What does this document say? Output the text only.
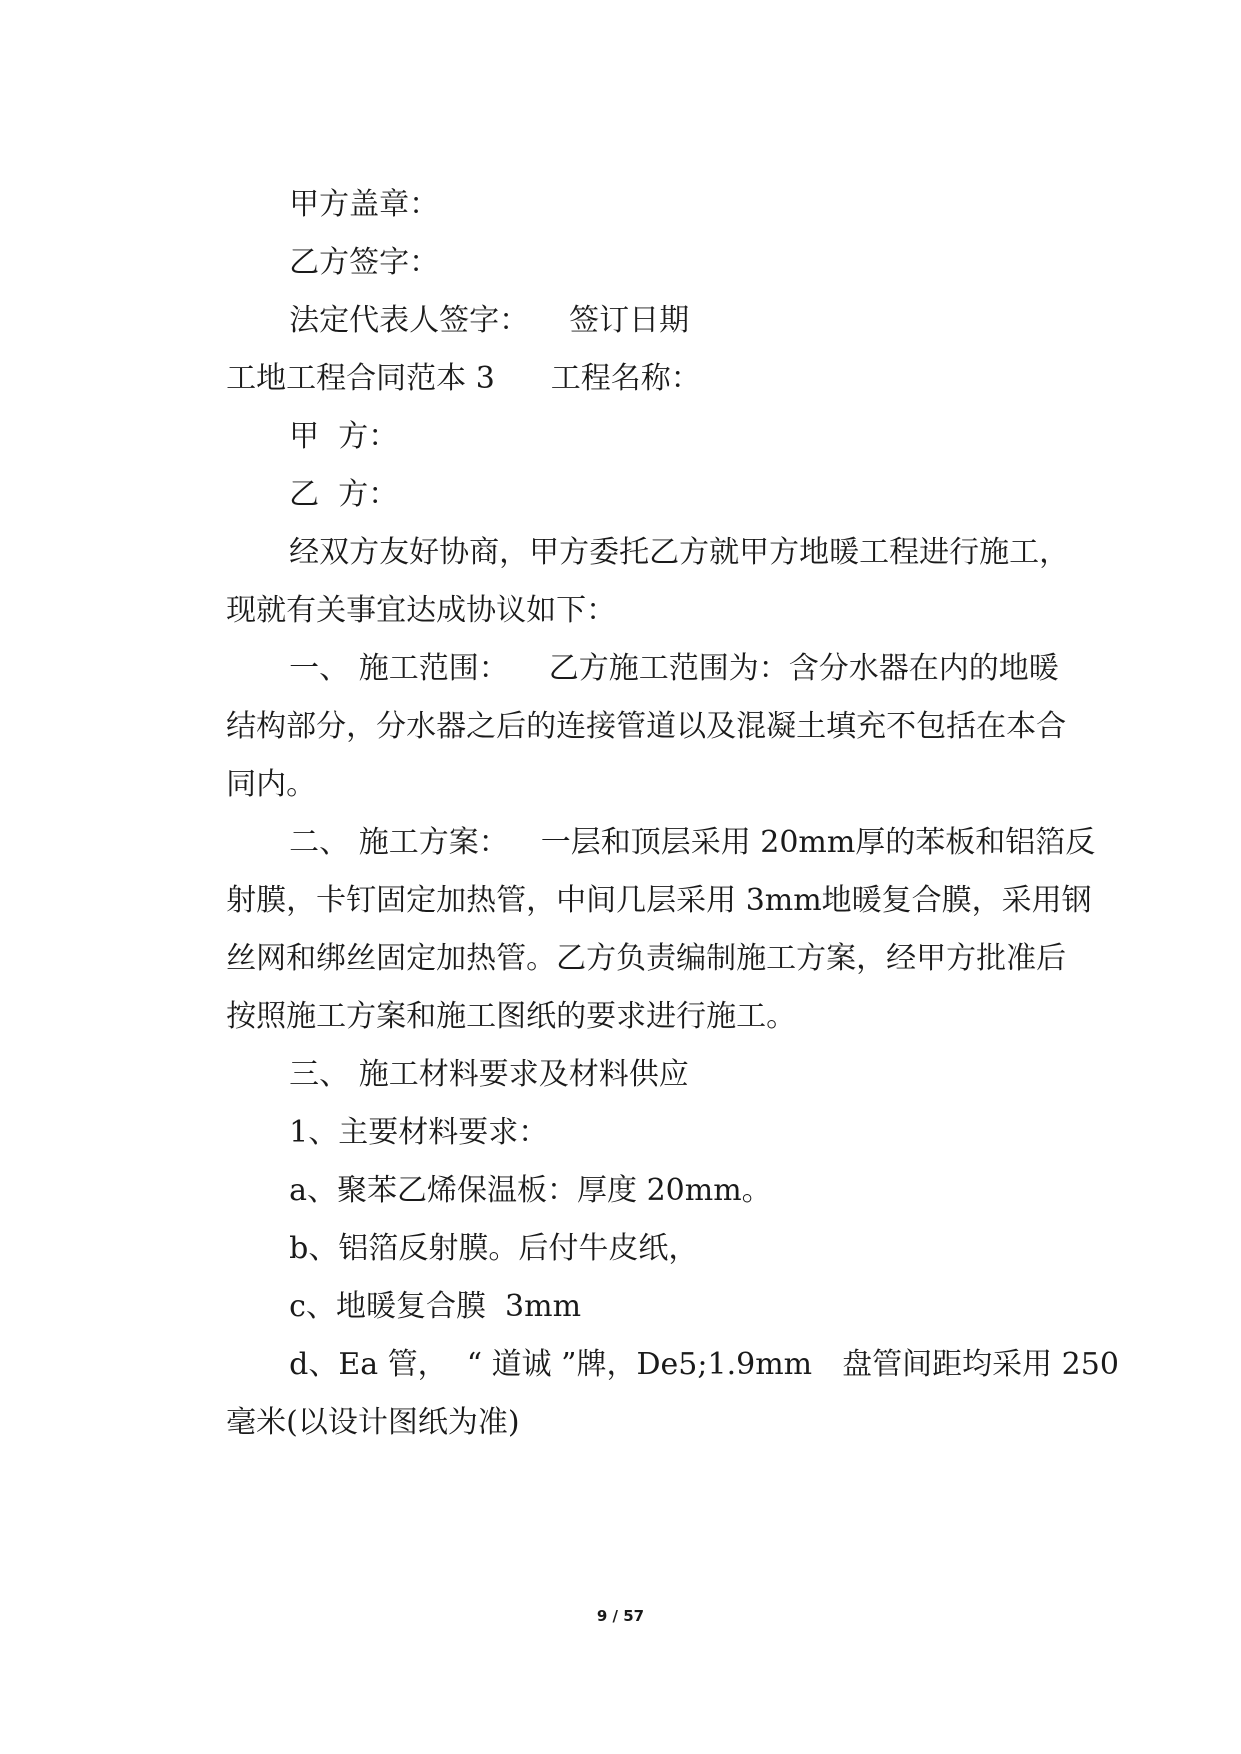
甲方盖章：

乙方签字：

法定代表人签字： 签订日期

工地工程合同范本 3 工程名称：

甲  方：

乙  方：

经双方友好协商，甲方委托乙方就甲方地暖工程进行施工，

现就有关事宜达成协议如下：

一、 施工范围： 乙方施工范围为：含分水器在内的地暖

结构部分，分水器之后的连接管道以及混凝土填充不包括在本合

同内。

二、 施工方案： 一层和顶层采用 20mm厚的苯板和铝箔反

射膜，卡钉固定加热管，中间几层采用 3mm地暖复合膜，采用钢

丝网和绑丝固定加热管。乙方负责编制施工方案，经甲方批准后

按照施工方案和施工图纸的要求进行施工。

三、 施工材料要求及材料供应

1、主要材料要求：

a、聚苯乙烯保温板：厚度 20mm。

b、铝箔反射膜。后付牛皮纸，

c、地暖复合膜  3mm

d、Ea 管，  “ 道诚 ”牌，De5;1.9mm 盘管间距均采用 250

毫米(以设计图纸为准)

9 / 57
